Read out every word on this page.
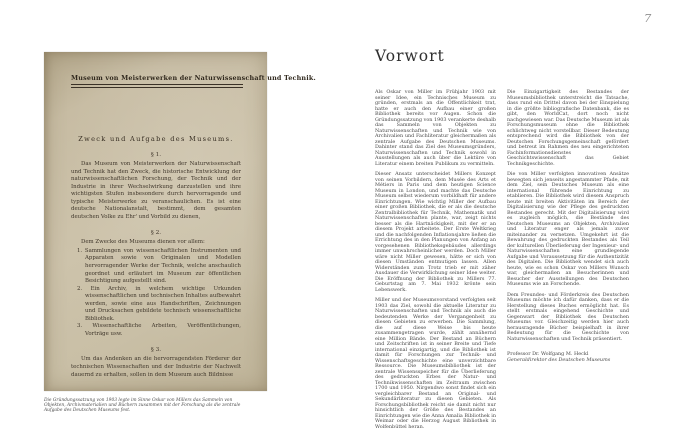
Museum von Meisterwerken der Naturwissenschaft und Technik.
Zweck und Aufgabe des Museums.
§ 1.

Das Museum von Meisterwerken der Naturwissenschaft und Technik hat den Zweck, die historische Entwicklung der naturwissenschaftlichen Forschung, der Technik und der Industrie in ihrer Wechselwirkung darzustellen und ihre wichtigsten Stufen insbesondere durch hervorragende und typische Meisterwerke zu veranschaulichen. Es ist eine deutsche Nationalanstalt, bestimmt, dem gesamten deutschen Volke zu Ehr' und Vorbild zu dienen,

§ 2.

Dem Zwecke des Museums dienen vor allem:

1. Sammlungen von wissenschaftlichen Instrumenten und Apparaten sowie von Originalen und Modellen hervorragender Werke der Technik, welche anschaulich geordnet und erläutert im Museum zur öffentlichen Besichtigung aufgestellt sind.
2. Ein Archiv, in welchem wichtige Urkunden wissenschaftlichen und technischen Inhaltes aufbewahrt werden, sowie eine aus Handschriften, Zeichnungen und Drucksachen gebildete technisch wissenschaftliche Bibliothek.
3. Wissenschaftliche Arbeiten, Veröffentlichungen, Vorträge usw.
§ 3.

Um das Andenken an die hervorragendsten Förderer der technischen Wissenschaften und der Industrie der Nachwelt dauernd zu erhalten, sollen in dem Museum auch Bildnisse

Die Gründungssatzung von 1903 legte im Sinne Oskar von Millers das Sammeln von Objekten, Archivmaterialien und Büchern zusammen mit der Forschung als die zentrale Aufgabe des Deutschen Museums fest.
7
Vorwort

Als Oskar von Miller im Frühjahr 1903 mit seiner Idee, ein Technisches Museum zu gründen, erstmals an die Öffentlichkeit trat, hatte er auch den Aufbau einer großen Bibliothek bereits vor Augen. Schon die Gründungssatzung von 1903 verankerte deshalb das Sammeln von Objekten zu Naturwissenschaften und Technik wie von Archivalien und Fachliteratur gleichermaßen als zentrale Aufgabe des Deutschen Museums. Dahinter stand das Ziel des Museumsgründers, Naturwissenschaften und Technik sowohl in Ausstellungen als auch über die Lektüre von Literatur einem breiten Publikum zu vermitteln.

Dieser Ansatz unterscheidet Millers Konzept von seinen Vorbildern, dem Musée des Arts et Métiers in Paris und dem heutigen Science Museum in London, und machte das Deutsche Museum selbst wiederum vorbildhaft für andere Einrichtungen. Wie wichtig Miller der Aufbau einer großen Bibliothek, die er als die deutsche Zentralbibliothek für Technik, Mathematik und Naturwissenschaften plante, war, zeigt nichts besser als die Hartnäckigkeit, mit der er an diesem Projekt arbeitete. Der Erste Weltkrieg und die nachfolgenden Inflationsjahre ließen die Errichtung des in den Planungen von Anfang an vorgesehenen Bibliotheksgebäudes allerdings immer unwahrscheinlicher werden. Doch Miller wäre nicht Miller gewesen, hätte er sich von diesen Umständen entmutigen lassen. Allen Widerständen zum Trotz trieb er mit zäher Ausdauer die Verwirklichung seiner Idee weiter. Die Eröffnung der Bibliothek zu Millers 77. Geburtstag am 7. Mai 1932 krönte sein Lebenswerk.

Miller und der Museumsvorstand verfolgten seit 1903 das Ziel, sowohl die aktuelle Literatur zu Naturwissenschaften und Technik als auch die bedeutenden Werke der Vergangenheit zu diesen Gebieten zu erwerben. Die Sammlung, die auf diese Weise bis heute zusammengetragen wurde, zählt annähernd eine Million Bände. Der Bestand an Büchern und Zeitschriften ist in seiner Breite und Tiefe international einzigartig, und die Bibliothek ist damit für Forschungen zur Technik- und Wissenschaftsgeschichte eine unverzichtbare Ressource. Die Museumsbibliothek ist der zentrale Wissensspeicher für die Überlieferung des gedruckten Erbes der Natur- und Technikwissenschaften im Zeitraum zwischen 1700 und 1950. Nirgendwo sonst findet sich ein vergleichbarer Bestand an Original- und Sekundärliteratur zu diesen Gebieten. Als Forschungsbibliothek reicht sie damit nicht nur hinsichtlich der Größe des Bestandes an Einrichtungen wie die Anna Amalia Bibliothek in Weimar oder die Herzog August Bibliothek in Wolfenbüttel heran.

Die Einzigartigkeit des Bestandes der Museumsbibliothek unterstreicht die Tatsache, dass rund ein Drittel davon bei der Einspielung in die größte bibliografische Datenbank, die es gibt, den WorldCat, dort noch nicht nachgewiesen war. Das Deutsche Museum ist als Forschungsmuseum ohne die Bibliothek schlichtweg nicht vorstellbar. Dieser Bedeutung entsprechend wird die Bibliothek von der Deutschen Forschungsgemeinschaft gefördert und betreut im Rahmen des neu eingerichteten Fachinformationsdienstes Geschichtswissenschaft das Gebiet Technikgeschichte.

Die von Miller verfolgten innovativen Ansätze bewegten sich jenseits angestammter Pfade, mit dem Ziel, sein Deutsches Museum als eine international führende Einrichtung zu etablieren. Die Bibliothek wird diesem Anspruch heute mit breiten Aktivitäten im Bereich der Digitalisierung wie der Pflege des gedruckten Bestandes gerecht. Mit der Digitalisierung wird es zugleich möglich, die Bestände des Deutschen Museums an Objekten, Archivalien und Literatur enger als jemals zuvor miteinander zu vernetzen. Umgekehrt ist die Bewahrung des gedruckten Bestandes als Teil der kulturellen Überlieferung der Ingenieur- und Naturwissenschaften eine grundlegende Aufgabe und Voraussetzung für die Authentizität des Digitalen. Die Bibliothek wendet sich auch heute, wie es schon Oskar von Millers Wunsch war, gleichermaßen an Besucherinnen und Besucher der Ausstellungen des Deutschen Museums wie an Forschende.

Dem Freundes- und Förderkreis des Deutschen Museums möchte ich dafür danken, dass er die Herstellung dieses Buches ermöglicht hat. Es stellt erstmals eingehend Geschichte und Gegenwart der Bibliothek des Deutschen Museums vor. Gleichzeitig werden hier auch herausragende Bücher beispielhaft in ihrer Bedeutung für die Geschichte von Naturwissenschaften und Technik präsentiert.

Professor Dr. Wolfgang M. Heckl
Generaldirektor des Deutschen Museums
